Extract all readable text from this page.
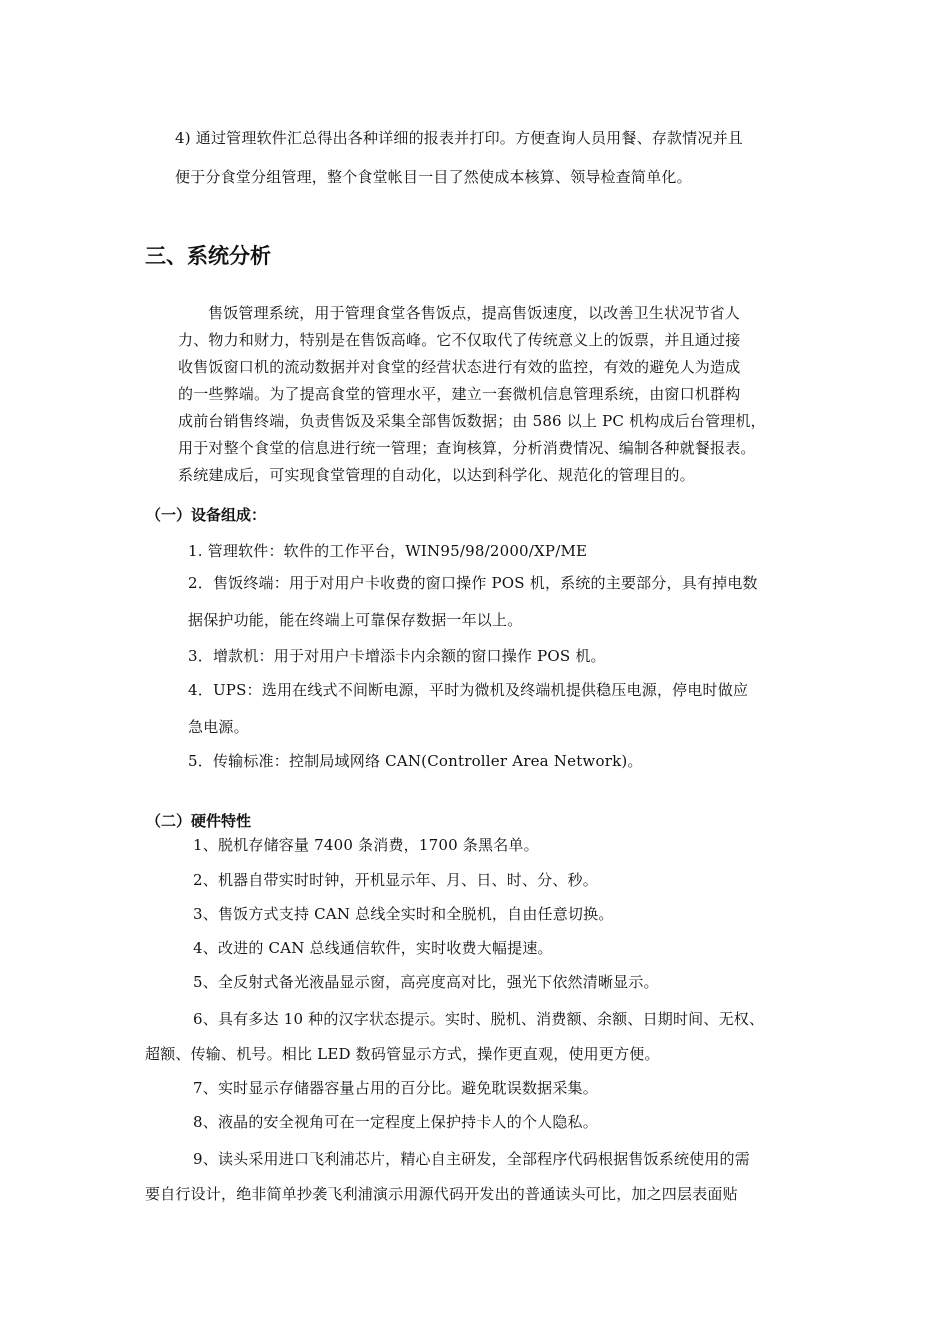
4) 通过管理软件汇总得出各种详细的报表并打印。方便查询人员用餐、存款情况并且
便于分食堂分组管理，整个食堂帐目一目了然使成本核算、领导检查简单化。
三、系统分析
售饭管理系统，用于管理食堂各售饭点，提高售饭速度，以改善卫生状况节省人
力、物力和财力，特别是在售饭高峰。它不仅取代了传统意义上的饭票，并且通过接
收售饭窗口机的流动数据并对食堂的经营状态进行有效的监控，有效的避免人为造成
的一些弊端。为了提高食堂的管理水平，建立一套微机信息管理系统，由窗口机群构
成前台销售终端，负责售饭及采集全部售饭数据；由 586 以上 PC 机构成后台管理机，
用于对整个食堂的信息进行统一管理；查询核算，分析消费情况、编制各种就餐报表。
系统建成后，可实现食堂管理的自动化，以达到科学化、规范化的管理目的。
（一）设备组成：
1. 管理软件：软件的工作平台，WIN95/98/2000/XP/ME
2．售饭终端：用于对用户卡收费的窗口操作 POS 机，系统的主要部分，具有掉电数
据保护功能，能在终端上可靠保存数据一年以上。
3．增款机：用于对用户卡增添卡内余额的窗口操作 POS 机。
4．UPS：选用在线式不间断电源，平时为微机及终端机提供稳压电源，停电时做应
急电源。
5．传输标准：控制局域网络 CAN(Controller Area Network)。
（二）硬件特性
1、脱机存储容量 7400 条消费，1700 条黑名单。
2、机器自带实时时钟，开机显示年、月、日、时、分、秒。
3、售饭方式支持 CAN 总线全实时和全脱机，自由任意切换。
4、改进的 CAN 总线通信软件，实时收费大幅提速。
5、全反射式备光液晶显示窗，高亮度高对比，强光下依然清晰显示。
6、具有多达 10 种的汉字状态提示。实时、脱机、消费额、余额、日期时间、无权、
超额、传输、机号。相比 LED 数码管显示方式，操作更直观，使用更方便。
7、实时显示存储器容量占用的百分比。避免耽误数据采集。
8、液晶的安全视角可在一定程度上保护持卡人的个人隐私。
9、读头采用进口飞利浦芯片，精心自主研发，全部程序代码根据售饭系统使用的需
要自行设计，绝非简单抄袭飞利浦演示用源代码开发出的普通读头可比，加之四层表面贴
